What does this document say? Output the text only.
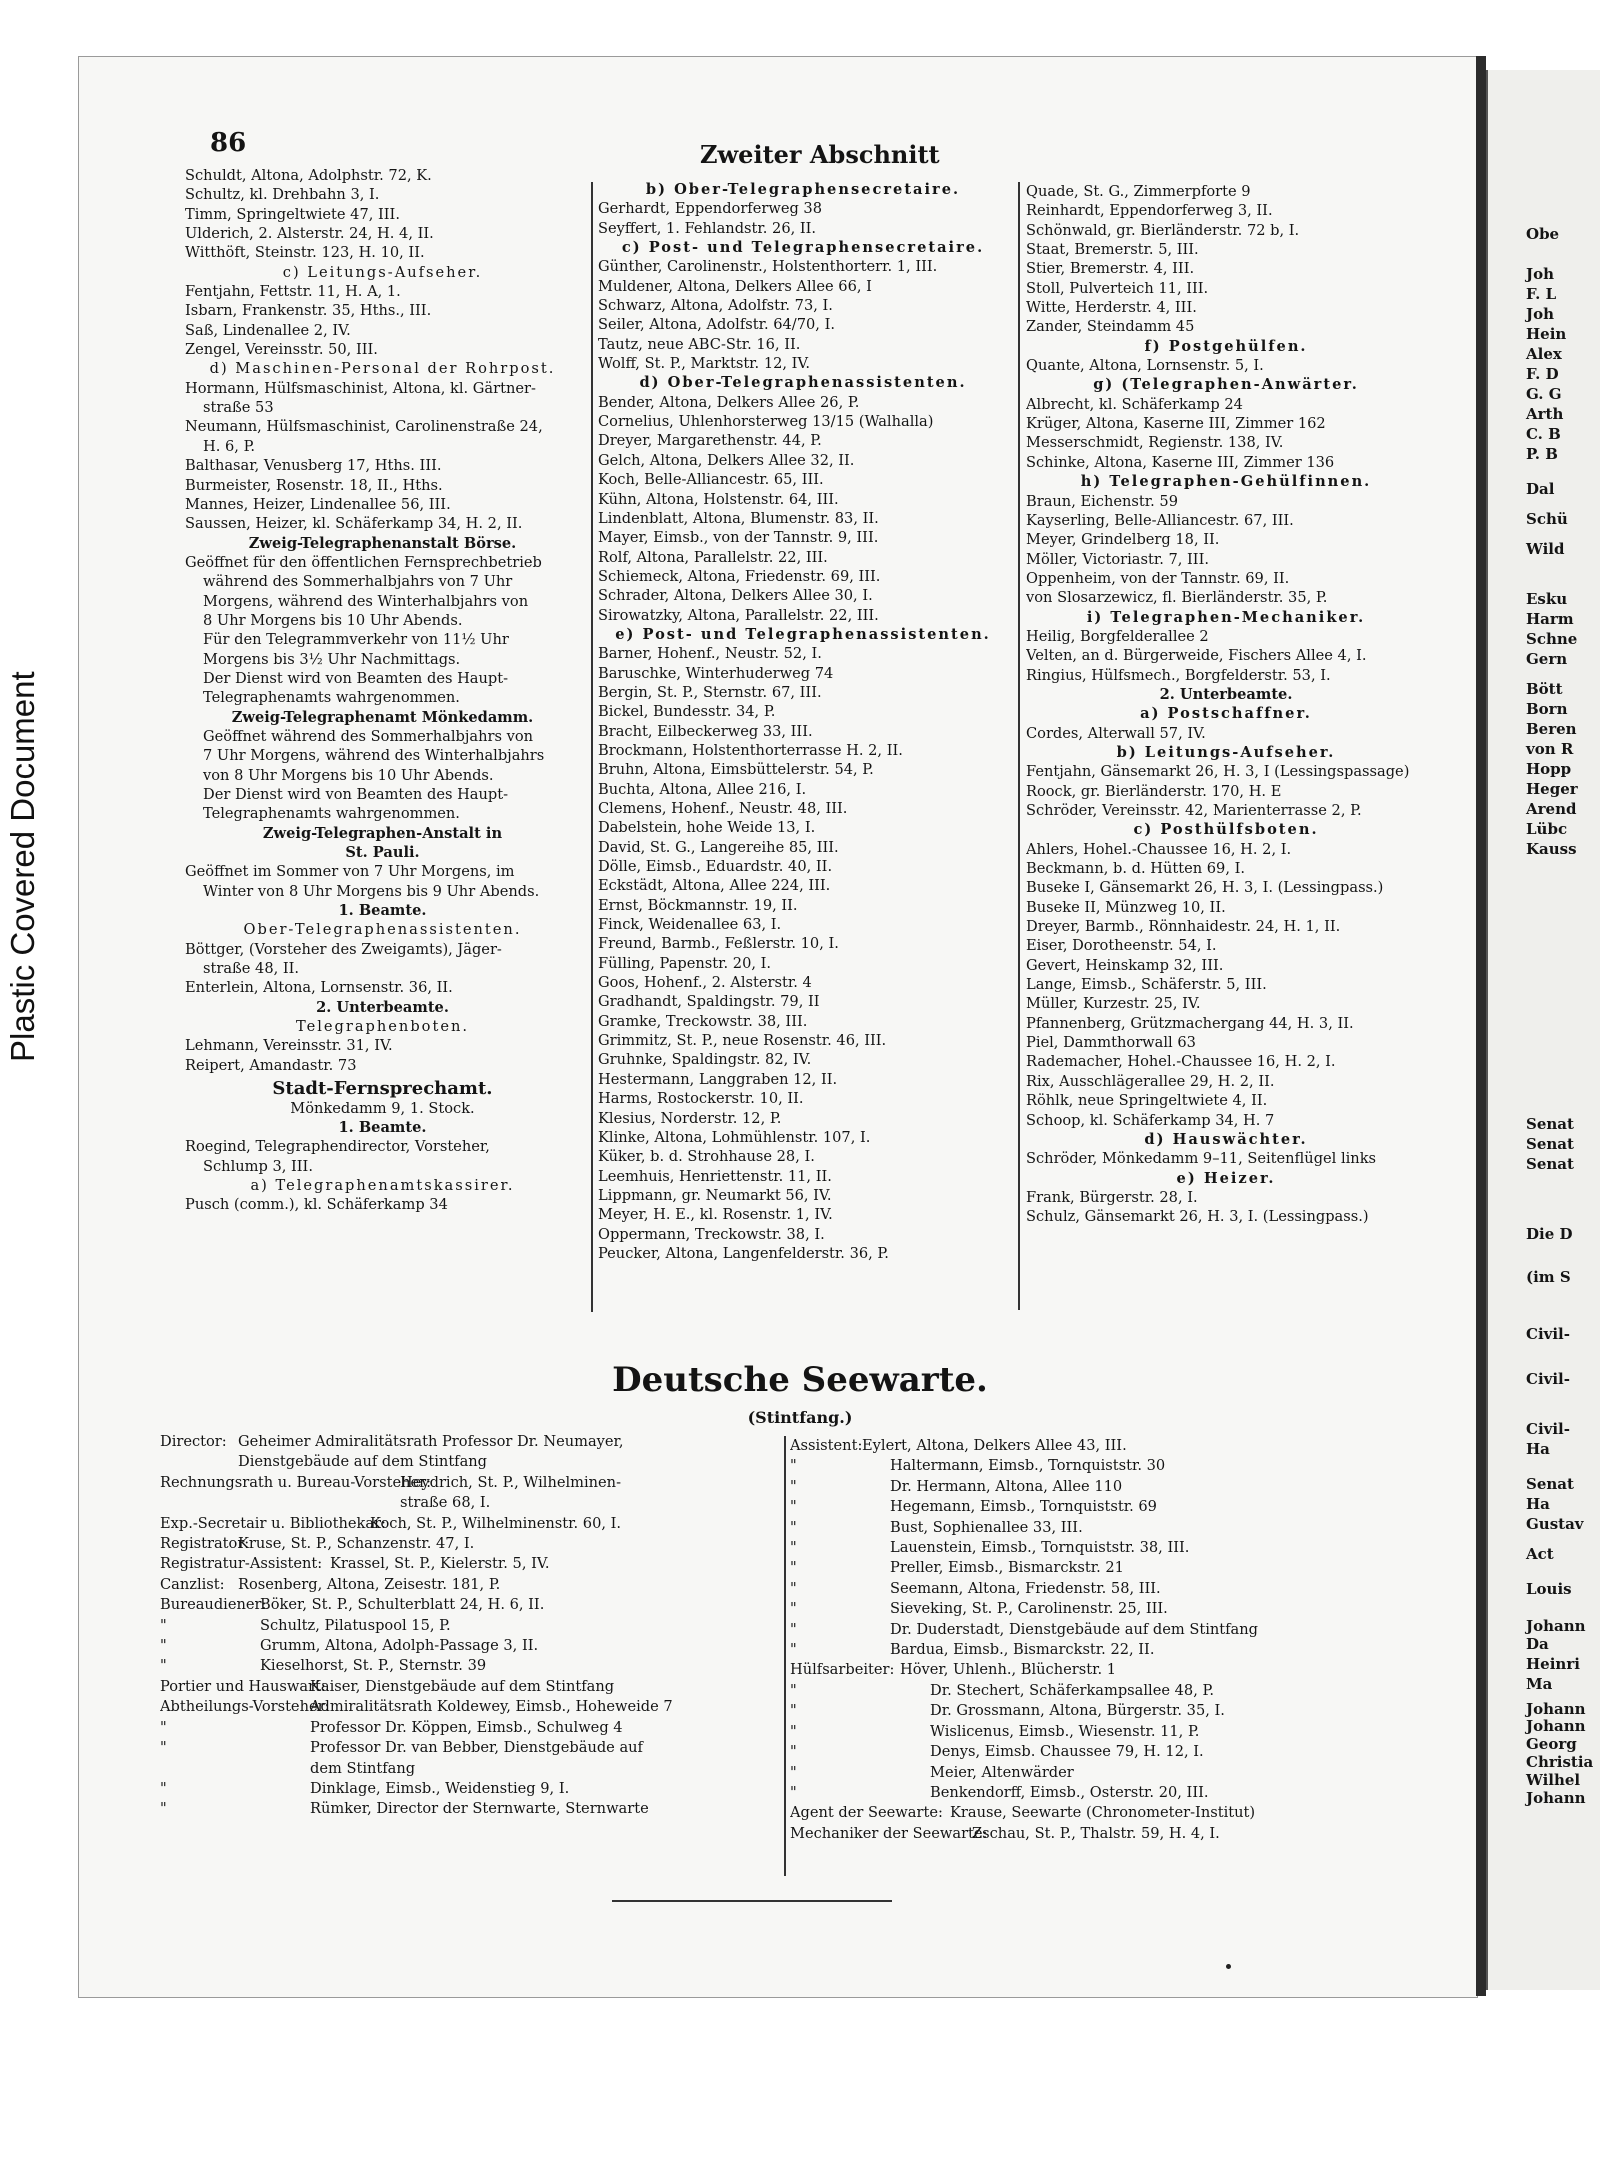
Plastic Covered Document
Obe
Joh
F. L
Joh
Hein
Alex
F. D
G. G
Arth
C. B
P. B
Dal
Schü
Wild
Esku
Harm
Schne
Gern
Bött
Born
Beren
von R
Hopp
Heger
Arend
Lübc
Kauss
Senat
Senat
Senat
Die D
(im S
Civil-
Civil-
Civil-
Ha
Senat
Ha
Gustav
Act
Louis
Johann
Da
Heinri
Ma
Johann
Johann
Georg
Christia
Wilhel
Johann
86	Zweiter Abschnitt
Schuldt, Altona, Adolphstr. 72, K.
Schultz, kl. Drehbahn 3, I.
Timm, Springeltwiete 47, III.
Ulderich, 2. Alsterstr. 24, H. 4, II.
Witthöft, Steinstr. 123, H. 10, II.
c) Leitungs-Aufseher.
Fentjahn, Fettstr. 11, H. A, 1.
Isbarn, Frankenstr. 35, Hths., III.
Saß, Lindenallee 2, IV.
Zengel, Vereinsstr. 50, III.
d) Maschinen-Personal der Rohrpost.
Hormann, Hülfsmaschinist, Altona, kl. Gärtner-
straße 53
Neumann, Hülfsmaschinist, Carolinenstraße 24,
H. 6, P.
Balthasar, Venusberg 17, Hths. III.
Burmeister, Rosenstr. 18, II., Hths.
Mannes, Heizer, Lindenallee 56, III.
Saussen, Heizer, kl. Schäferkamp 34, H. 2, II.
Zweig-Telegraphenanstalt Börse.
Geöffnet für den öffentlichen Fernsprechbetrieb
während des Sommerhalbjahrs von 7 Uhr
Morgens, während des Winterhalbjahrs von
8 Uhr Morgens bis 10 Uhr Abends.
Für den Telegrammverkehr von 11½ Uhr
Morgens bis 3½ Uhr Nachmittags.
Der Dienst wird von Beamten des Haupt-
Telegraphenamts wahrgenommen.
Zweig-Telegraphenamt Mönkedamm.
Geöffnet während des Sommerhalbjahrs von
7 Uhr Morgens, während des Winterhalbjahrs
von 8 Uhr Morgens bis 10 Uhr Abends.
Der Dienst wird von Beamten des Haupt-
Telegraphenamts wahrgenommen.
Zweig-Telegraphen-Anstalt in
St. Pauli.
Geöffnet im Sommer von 7 Uhr Morgens, im
Winter von 8 Uhr Morgens bis 9 Uhr Abends.
1. Beamte.
Ober-Telegraphenassistenten.
Böttger, (Vorsteher des Zweigamts), Jäger-
straße 48, II.
Enterlein, Altona, Lornsenstr. 36, II.
2. Unterbeamte.
Telegraphenboten.
Lehmann, Vereinsstr. 31, IV.
Reipert, Amandastr. 73
Stadt-Fernsprechamt.
Mönkedamm 9, 1. Stock.
1. Beamte.
Roegind, Telegraphendirector, Vorsteher,
Schlump 3, III.
a) Telegraphenamtskassirer.
Pusch (comm.), kl. Schäferkamp 34
b) Ober-Telegraphensecretaire.
Gerhardt, Eppendorferweg 38
Seyffert, 1. Fehlandstr. 26, II.
c) Post- und Telegraphensecretaire.
Günther, Carolinenstr., Holstenthorterr. 1, III.
Muldener, Altona, Delkers Allee 66, I
Schwarz, Altona, Adolfstr. 73, I.
Seiler, Altona, Adolfstr. 64/70, I.
Tautz, neue ABC-Str. 16, II.
Wolff, St. P., Marktstr. 12, IV.
d) Ober-Telegraphenassistenten.
Bender, Altona, Delkers Allee 26, P.
Cornelius, Uhlenhorsterweg 13/15 (Walhalla)
Dreyer, Margarethenstr. 44, P.
Gelch, Altona, Delkers Allee 32, II.
Koch, Belle-Alliancestr. 65, III.
Kühn, Altona, Holstenstr. 64, III.
Lindenblatt, Altona, Blumenstr. 83, II.
Mayer, Eimsb., von der Tannstr. 9, III.
Rolf, Altona, Parallelstr. 22, III.
Schiemeck, Altona, Friedenstr. 69, III.
Schrader, Altona, Delkers Allee 30, I.
Sirowatzky, Altona, Parallelstr. 22, III.
e) Post- und Telegraphenassistenten.
Barner, Hohenf., Neustr. 52, I.
Baruschke, Winterhuderweg 74
Bergin, St. P., Sternstr. 67, III.
Bickel, Bundesstr. 34, P.
Bracht, Eilbeckerweg 33, III.
Brockmann, Holstenthorterrasse H. 2, II.
Bruhn, Altona, Eimsbüttelerstr. 54, P.
Buchta, Altona, Allee 216, I.
Clemens, Hohenf., Neustr. 48, III.
Dabelstein, hohe Weide 13, I.
David, St. G., Langereihe 85, III.
Dölle, Eimsb., Eduardstr. 40, II.
Eckstädt, Altona, Allee 224, III.
Ernst, Böckmannstr. 19, II.
Finck, Weidenallee 63, I.
Freund, Barmb., Feßlerstr. 10, I.
Fülling, Papenstr. 20, I.
Goos, Hohenf., 2. Alsterstr. 4
Gradhandt, Spaldingstr. 79, II
Gramke, Treckowstr. 38, III.
Grimmitz, St. P., neue Rosenstr. 46, III.
Gruhnke, Spaldingstr. 82, IV.
Hestermann, Langgraben 12, II.
Harms, Rostockerstr. 10, II.
Klesius, Norderstr. 12, P.
Klinke, Altona, Lohmühlenstr. 107, I.
Küker, b. d. Strohhause 28, I.
Leemhuis, Henriettenstr. 11, II.
Lippmann, gr. Neumarkt 56, IV.
Meyer, H. E., kl. Rosenstr. 1, IV.
Oppermann, Treckowstr. 38, I.
Peucker, Altona, Langenfelderstr. 36, P.
Quade, St. G., Zimmerpforte 9
Reinhardt, Eppendorferweg 3, II.
Schönwald, gr. Bierländerstr. 72 b, I.
Staat, Bremerstr. 5, III.
Stier, Bremerstr. 4, III.
Stoll, Pulverteich 11, III.
Witte, Herderstr. 4, III.
Zander, Steindamm 45
f) Postgehülfen.
Quante, Altona, Lornsenstr. 5, I.
g) (Telegraphen-Anwärter.
Albrecht, kl. Schäferkamp 24
Krüger, Altona, Kaserne III, Zimmer 162
Messerschmidt, Regienstr. 138, IV.
Schinke, Altona, Kaserne III, Zimmer 136
h) Telegraphen-Gehülfinnen.
Braun, Eichenstr. 59
Kayserling, Belle-Alliancestr. 67, III.
Meyer, Grindelberg 18, II.
Möller, Victoriastr. 7, III.
Oppenheim, von der Tannstr. 69, II.
von Slosarzewicz, fl. Bierländerstr. 35, P.
i) Telegraphen-Mechaniker.
Heilig, Borgfelderallee 2
Velten, an d. Bürgerweide, Fischers Allee 4, I.
Ringius, Hülfsmech., Borgfelderstr. 53, I.
2. Unterbeamte.
a) Postschaffner.
Cordes, Alterwall 57, IV.
b) Leitungs-Aufseher.
Fentjahn, Gänsemarkt 26, H. 3, I (Lessingspassage)
Roock, gr. Bierländerstr. 170, H. E
Schröder, Vereinsstr. 42, Marienterrasse 2, P.
c) Posthülfsboten.
Ahlers, Hohel.-Chaussee 16, H. 2, I.
Beckmann, b. d. Hütten 69, I.
Buseke I, Gänsemarkt 26, H. 3, I. (Lessingpass.)
Buseke II, Münzweg 10, II.
Dreyer, Barmb., Rönnhaidestr. 24, H. 1, II.
Eiser, Dorotheenstr. 54, I.
Gevert, Heinskamp 32, III.
Lange, Eimsb., Schäferstr. 5, III.
Müller, Kurzestr. 25, IV.
Pfannenberg, Grützmachergang 44, H. 3, II.
Piel, Dammthorwall 63
Rademacher, Hohel.-Chaussee 16, H. 2, I.
Rix, Ausschlägerallee 29, H. 2, II.
Röhlk, neue Springeltwiete 4, II.
Schoop, kl. Schäferkamp 34, H. 7
d) Hauswächter.
Schröder, Mönkedamm 9–11, Seitenflügel links
e) Heizer.
Frank, Bürgerstr. 28, I.
Schulz, Gänsemarkt 26, H. 3, I. (Lessingpass.)
Deutsche Seewarte.
(Stintfang.)
Director: Geheimer Admiralitätsrath Professor Dr. Neumayer,
Dienstgebäude auf dem Stintfang
Rechnungsrath u. Bureau-Vorsteher:
Heydrich, St. P., Wilhelminen-
straße 68, I.
Exp.-Secretair u. Bibliothekar:
Koch, St. P., Wilhelminenstr. 60, I.
Registrator:
Kruse, St. P., Schanzenstr. 47, I.
Registratur-Assistent: Krassel, St. P., Kielerstr. 5, IV.
Canzlist: Rosenberg, Altona, Zeisestr. 181, P.
Bureaudiener:
Böker, St. P., Schulterblatt 24, H. 6, II.
"	Schultz, Pilatuspool 15, P.
"	Grumm, Altona, Adolph-Passage 3, II.
"	Kieselhorst, St. P., Sternstr. 39
Portier und Hauswart:
Kaiser, Dienstgebäude auf dem Stintfang
Abtheilungs-Vorsteher:
Admiralitätsrath Koldewey, Eimsb., Hoheweide 7
"	Professor Dr. Köppen, Eimsb., Schulweg 4
"	Professor Dr. van Bebber, Dienstgebäude auf
dem Stintfang
"	Dinklage, Eimsb., Weidenstieg 9, I.
"	Rümker, Director der Sternwarte, Sternwarte
Assistent: Eylert, Altona, Delkers Allee 43, III.
"	Haltermann, Eimsb., Tornquiststr. 30
"	Dr. Hermann, Altona, Allee 110
"	Hegemann, Eimsb., Tornquiststr. 69
"	Bust, Sophienallee 33, III.
"	Lauenstein, Eimsb., Tornquiststr. 38, III.
"	Preller, Eimsb., Bismarckstr. 21
"	Seemann, Altona, Friedenstr. 58, III.
"	Sieveking, St. P., Carolinenstr. 25, III.
"	Dr. Duderstadt, Dienstgebäude auf dem Stintfang
"	Bardua, Eimsb., Bismarckstr. 22, II.
Hülfsarbeiter: Höver, Uhlenh., Blücherstr. 1
"	Dr. Stechert, Schäferkampsallee 48, P.
"	Dr. Grossmann, Altona, Bürgerstr. 35, I.
"	Wislicenus, Eimsb., Wiesenstr. 11, P.
"	Denys, Eimsb. Chaussee 79, H. 12, I.
"	Meier, Altenwärder
"	Benkendorff, Eimsb., Osterstr. 20, III.
Agent der Seewarte: Krause, Seewarte (Chronometer-Institut)
Mechaniker der Seewarte:
Zschau, St. P., Thalstr. 59, H. 4, I.
